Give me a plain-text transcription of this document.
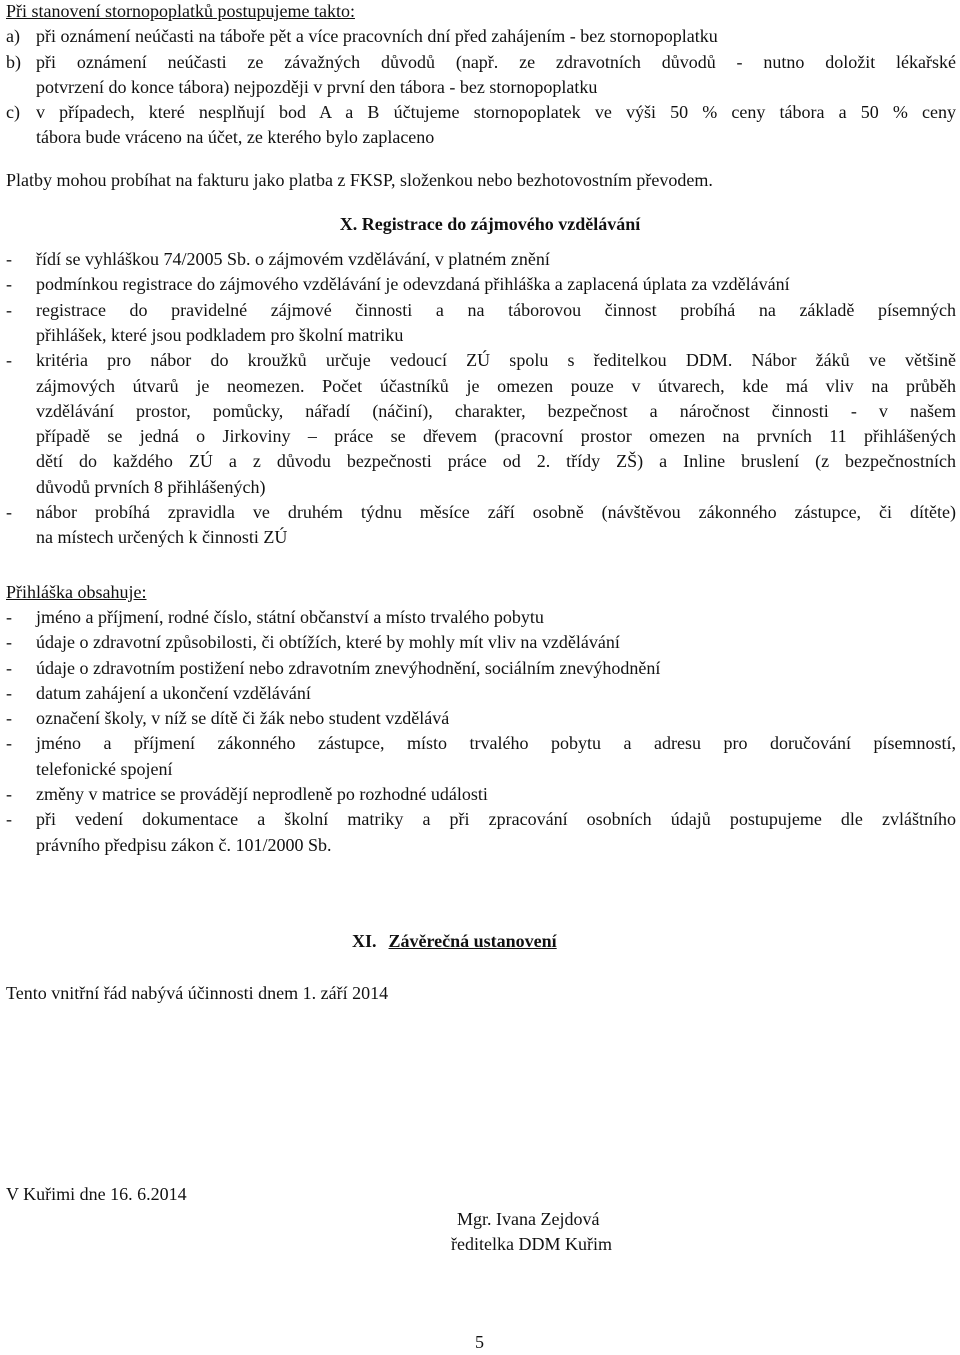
Při stanovení stornopoplatků postupujeme takto:
a) při oznámení neúčasti na táboře pět a více pracovních dní před zahájením - bez stornopoplatku
b) při oznámení neúčasti ze závažných důvodů (např. ze zdravotních důvodů - nutno doložit lékařské
potvrzení do konce tábora) nejpozději v první den tábora - bez stornopoplatku
c) v případech, které nesplňují bod A a B účtujeme stornopoplatek ve výši 50 % ceny tábora a 50 % ceny
tábora bude vráceno na účet, ze kterého bylo zaplaceno
Platby mohou probíhat na fakturu jako platba z FKSP, složenkou nebo bezhotovostním převodem.
X. Registrace do zájmového vzdělávání
- řídí se vyhláškou 74/2005 Sb. o zájmovém vzdělávání, v platném znění
- podmínkou registrace do zájmového vzdělávání je odevzdaná přihláška a zaplacená úplata za vzdělávání
- registrace do pravidelné zájmové činnosti a na táborovou činnost probíhá na základě písemných
přihlášek, které jsou podkladem pro školní matriku
- kritéria pro nábor do kroužků určuje vedoucí ZÚ spolu s ředitelkou DDM. Nábor žáků ve většině
zájmových útvarů je neomezen. Počet účastníků je omezen pouze v útvarech, kde má vliv na průběh
vzdělávání prostor, pomůcky, nářadí (náčiní), charakter, bezpečnost a náročnost činnosti - v našem
případě se jedná o Jirkoviny – práce se dřevem (pracovní prostor omezen na prvních 11 přihlášených
dětí do každého ZÚ a z důvodu bezpečnosti práce od 2. třídy ZŠ) a Inline bruslení (z bezpečnostních
důvodů prvních 8 přihlášených)
- nábor probíhá zpravidla ve druhém týdnu měsíce září osobně (návštěvou zákonného zástupce, či dítěte)
na místech určených k činnosti ZÚ
Přihláška obsahuje:
- jméno a příjmení, rodné číslo, státní občanství a místo trvalého pobytu
- údaje o zdravotní způsobilosti, či obtížích, které by mohly mít vliv na vzdělávání
- údaje o zdravotním postižení nebo zdravotním znevýhodnění, sociálním znevýhodnění
- datum zahájení a ukončení vzdělávání
- označení školy, v níž se dítě či žák nebo student vzdělává
- jméno a příjmení zákonného zástupce, místo trvalého pobytu a adresu pro doručování písemností,
telefonické spojení
- změny v matrice se provádějí neprodleně po rozhodné události
- při vedení dokumentace a školní matriky a při zpracování osobních údajů postupujeme dle zvláštního
právního předpisu zákon č. 101/2000 Sb.
XI. Závěrečná ustanovení
Tento vnitřní řád nabývá účinnosti dnem 1. září 2014
V Kuřimi dne 16. 6.2014
Mgr. Ivana Zejdová
ředitelka DDM Kuřim
5
